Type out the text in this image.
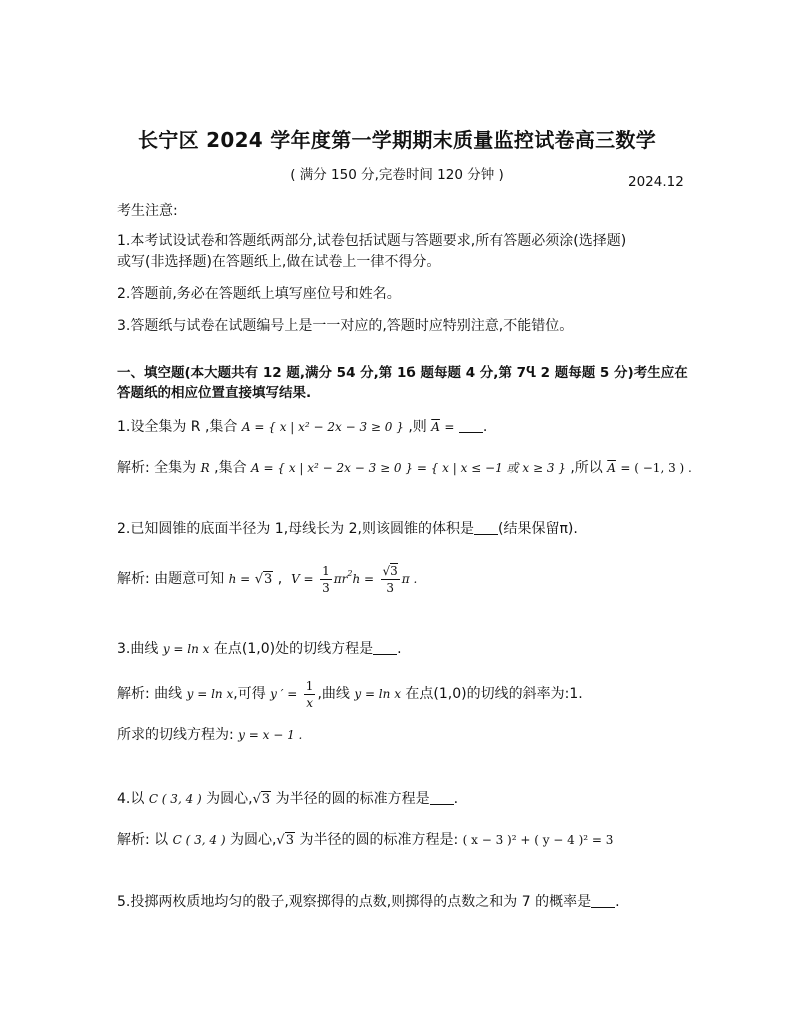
长宁区 2024 学年度第一学期期末质量监控试卷高三数学
( 满分 150 分,完卷时间 120 分钟 )	2024.12
考生注意:
1.本考试设试卷和答题纸两部分,试卷包括试题与答题要求,所有答题必须涂(选择题)
或写(非选择题)在答题纸上,做在试卷上一律不得分。
2.答题前,务必在答题纸上填写座位号和姓名。
3.答题纸与试卷在试题编号上是一一对应的,答题时应特别注意,不能错位。
一、填空题(本大题共有 12 题,满分 54 分,第 1б 题每题 4 分,第 7Ⴁ 2 题每题 5 分)考生应在
答题纸的相应位置直接填写结果.
1.设全集为 R ,集合 A = { x | x² − 2x − 3 ≥ 0 } ,则 $\overline{A}$ = .
解析: 全集为 R ,集合 A = { x | x² − 2x − 3 ≥ 0 } = { x | x ≤ −1 或 x ≥ 3 } ,所以 $\overline{A}$ = ( −1, 3 ) .
2.已知圆锥的底面半径为 1,母线长为 2,则该圆锥的体积是 (结果保留π).
解析: 由题意可知 h = √3 ,  $V = \frac{1}{3} \pi r^2h = \frac{√3}{3}$ π .
3.曲线 y = ln x 在点(1,0)处的切线方程是 .
解析: 曲线 y = ln x,可得 y ′ = $\frac{1}{x}$ ,曲线 y = ln x 在点(1,0)的切线的斜率为:1.
所求的切线方程为: y = x − 1 .
4.以 C ( 3, 4 ) 为圆心,√3 为半径的圆的标准方程是 .
解析: 以 C ( 3, 4 ) 为圆心,√3 为半径的圆的标准方程是: ( x − 3 )² + ( y − 4 )² = 3
5.投掷两枚质地均匀的骰子,观察掷得的点数,则掷得的点数之和为 7 的概率是 .
